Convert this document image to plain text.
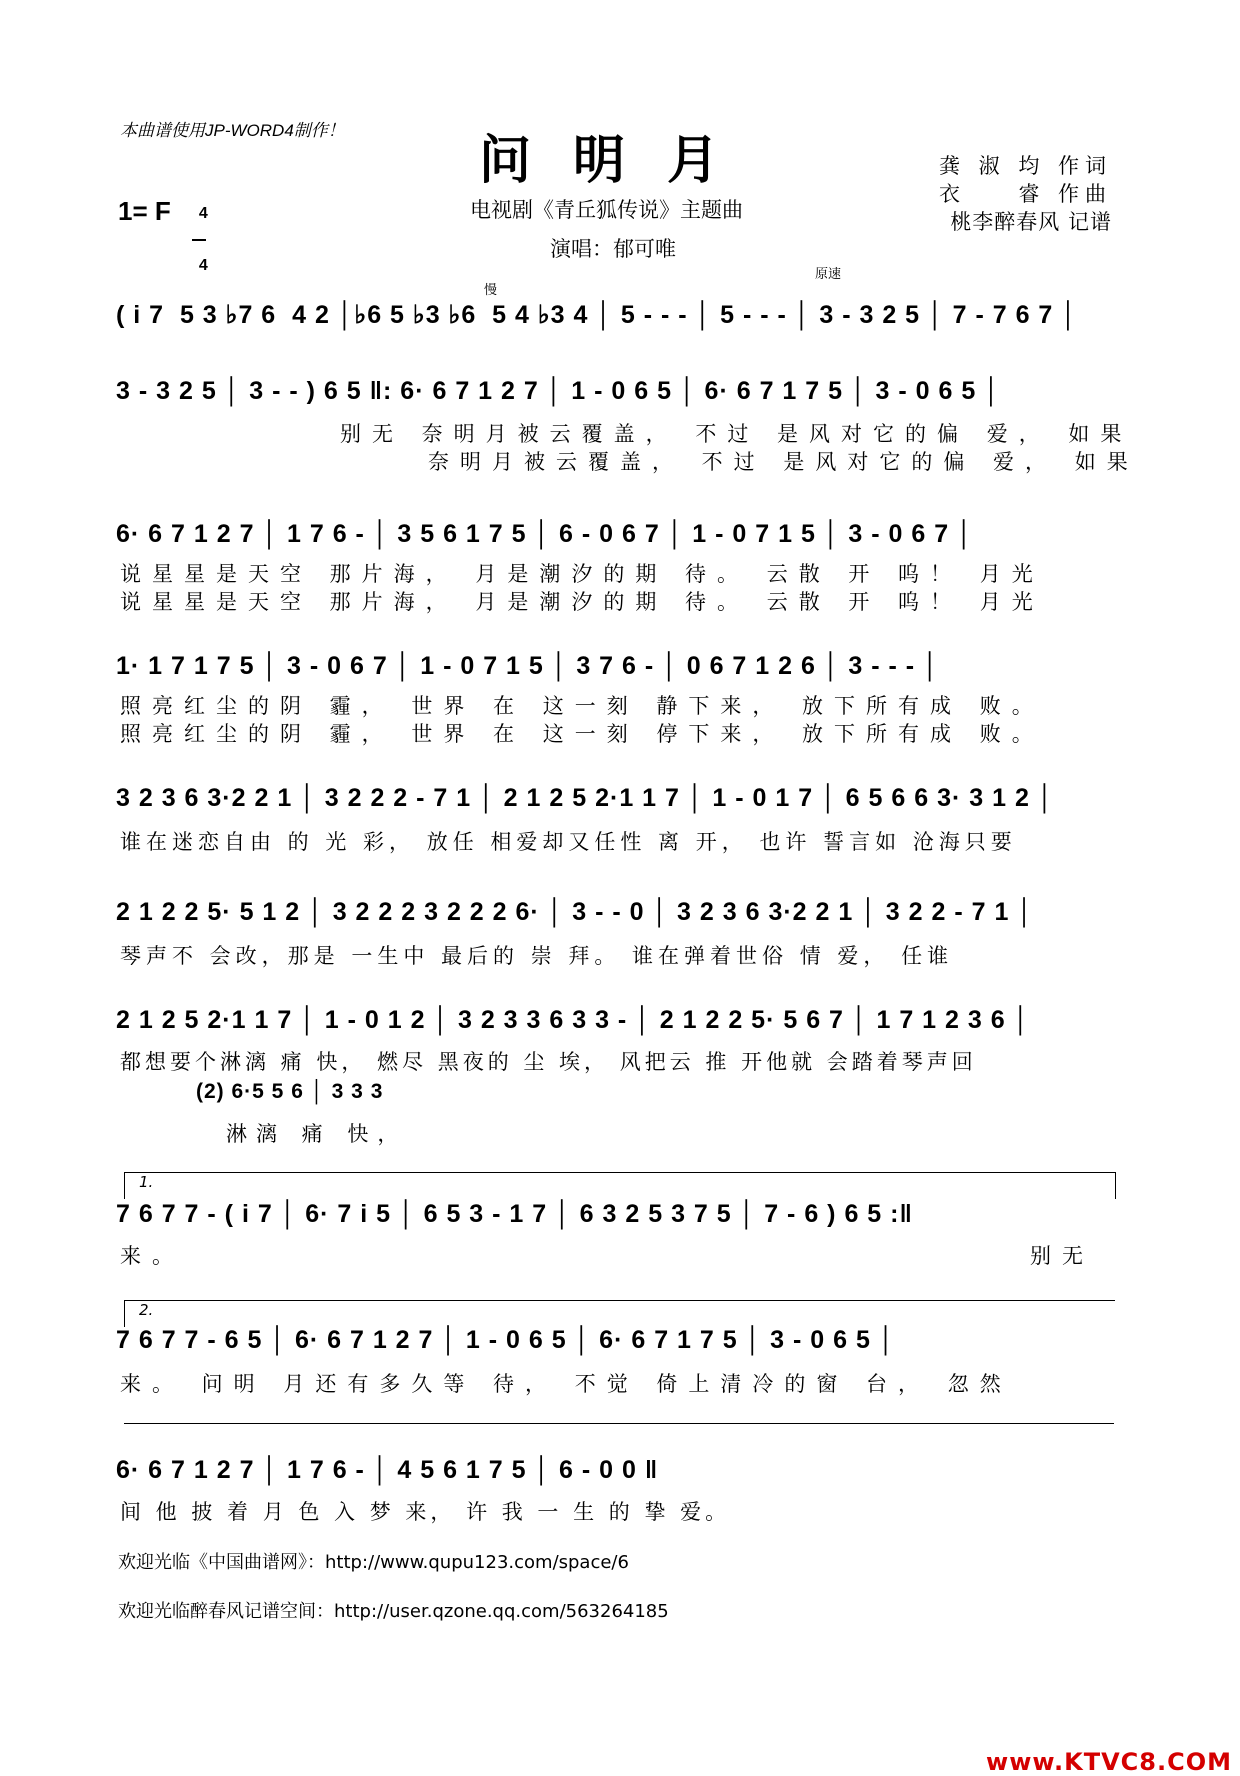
本曲谱使用JP-WORD4制作！	问明月
1= F	4

4

电视剧《青丘狐传说》主题曲
演唱：郁可唯
龚 淑 均 作词
衣 　 睿 作曲
桃李醉春风 记谱
慢
原速
( i 7  5 3 ♭7 6  4 2 │♭6 5 ♭3 ♭6  5 4 ♭3 4 │ 5 - - - │ 5 - - - │ 3 - 3 2 5 │ 7 - 7 6 7 │
3 - 3 2 5 │ 3 - - ) 6 5 ‖: 6· 6 7 1 2 7 │ 1 - 0 6 5 │ 6· 6 7 1 7 5 │ 3 - 0 6 5 │
别无 奈明月被云覆盖， 不过 是风对它的偏 爱， 如果
奈明月被云覆盖， 不过 是风对它的偏 爱， 如果
6· 6 7 1 2 7 │ 1 7 6 - │ 3 5 6 1 7 5 │ 6 - 0 6 7 │ 1 - 0 7 1 5 │ 3 - 0 6 7 │
说星星是天空 那片海， 月是潮汐的期 待。 云散 开 呜！ 月光
说星星是天空 那片海， 月是潮汐的期 待。 云散 开 呜！ 月光
1· 1 7 1 7 5 │ 3 - 0 6 7 │ 1 - 0 7 1 5 │ 3 7 6 - │ 0 6 7 1 2 6 │ 3 - - - │
照亮红尘的阴 霾， 世界 在 这一刻 静下来， 放下所有成 败。
照亮红尘的阴 霾， 世界 在 这一刻 停下来， 放下所有成 败。
3 2 3 6 3·2 2 1 │ 3 2 2 2 - 7 1 │ 2 1 2 5 2·1 1 7 │ 1 - 0 1 7 │ 6 5 6 6 3· 3 1 2 │
谁在迷恋自由 的 光 彩， 放任 相爱却又任性 离 开， 也许 誓言如 沧海只要
2 1 2 2 5· 5 1 2 │ 3 2 2 2 3 2 2 2 6· │ 3 - - 0 │ 3 2 3 6 3·2 2 1 │ 3 2 2 - 7 1 │
琴声不 会改，那是 一生中 最后的 崇 拜。 谁在弹着世俗 情 爱， 任谁
2 1 2 5 2·1 1 7 │ 1 - 0 1 2 │ 3 2 3 3 6 3 3 - │ 2 1 2 2 5· 5 6 7 │ 1 7 1 2 3 6 │
都想要个淋漓 痛 快， 燃尽 黑夜的 尘 埃， 风把云 推 开他就 会踏着琴声回
(2) 6·5 5 6 │ 3 3 3
淋漓 痛 快，
1.
7 6 7 7 - ( i 7 │ 6· 7 i 5 │ 6 5 3 - 1 7 │ 6 3 2 5 3 7 5 │ 7 - 6 ) 6 5 :‖
来。	别无
2.
7 6 7 7 - 6 5 │ 6· 6 7 1 2 7 │ 1 - 0 6 5 │ 6· 6 7 1 7 5 │ 3 - 0 6 5 │
来。 问明 月还有多久等 待， 不觉 倚上清冷的窗 台， 忽然
6· 6 7 1 2 7 │ 1 7 6 - │ 4 5 6 1 7 5 │ 6 - 0 0 ‖
间 他 披 着 月 色 入 梦 来， 许 我 一 生 的 挚 爱。
欢迎光临《中国曲谱网》：http://www.qupu123.com/space/6
欢迎光临醉春风记谱空间：http://user.qzone.qq.com/563264185

www.KTVC8.COM
